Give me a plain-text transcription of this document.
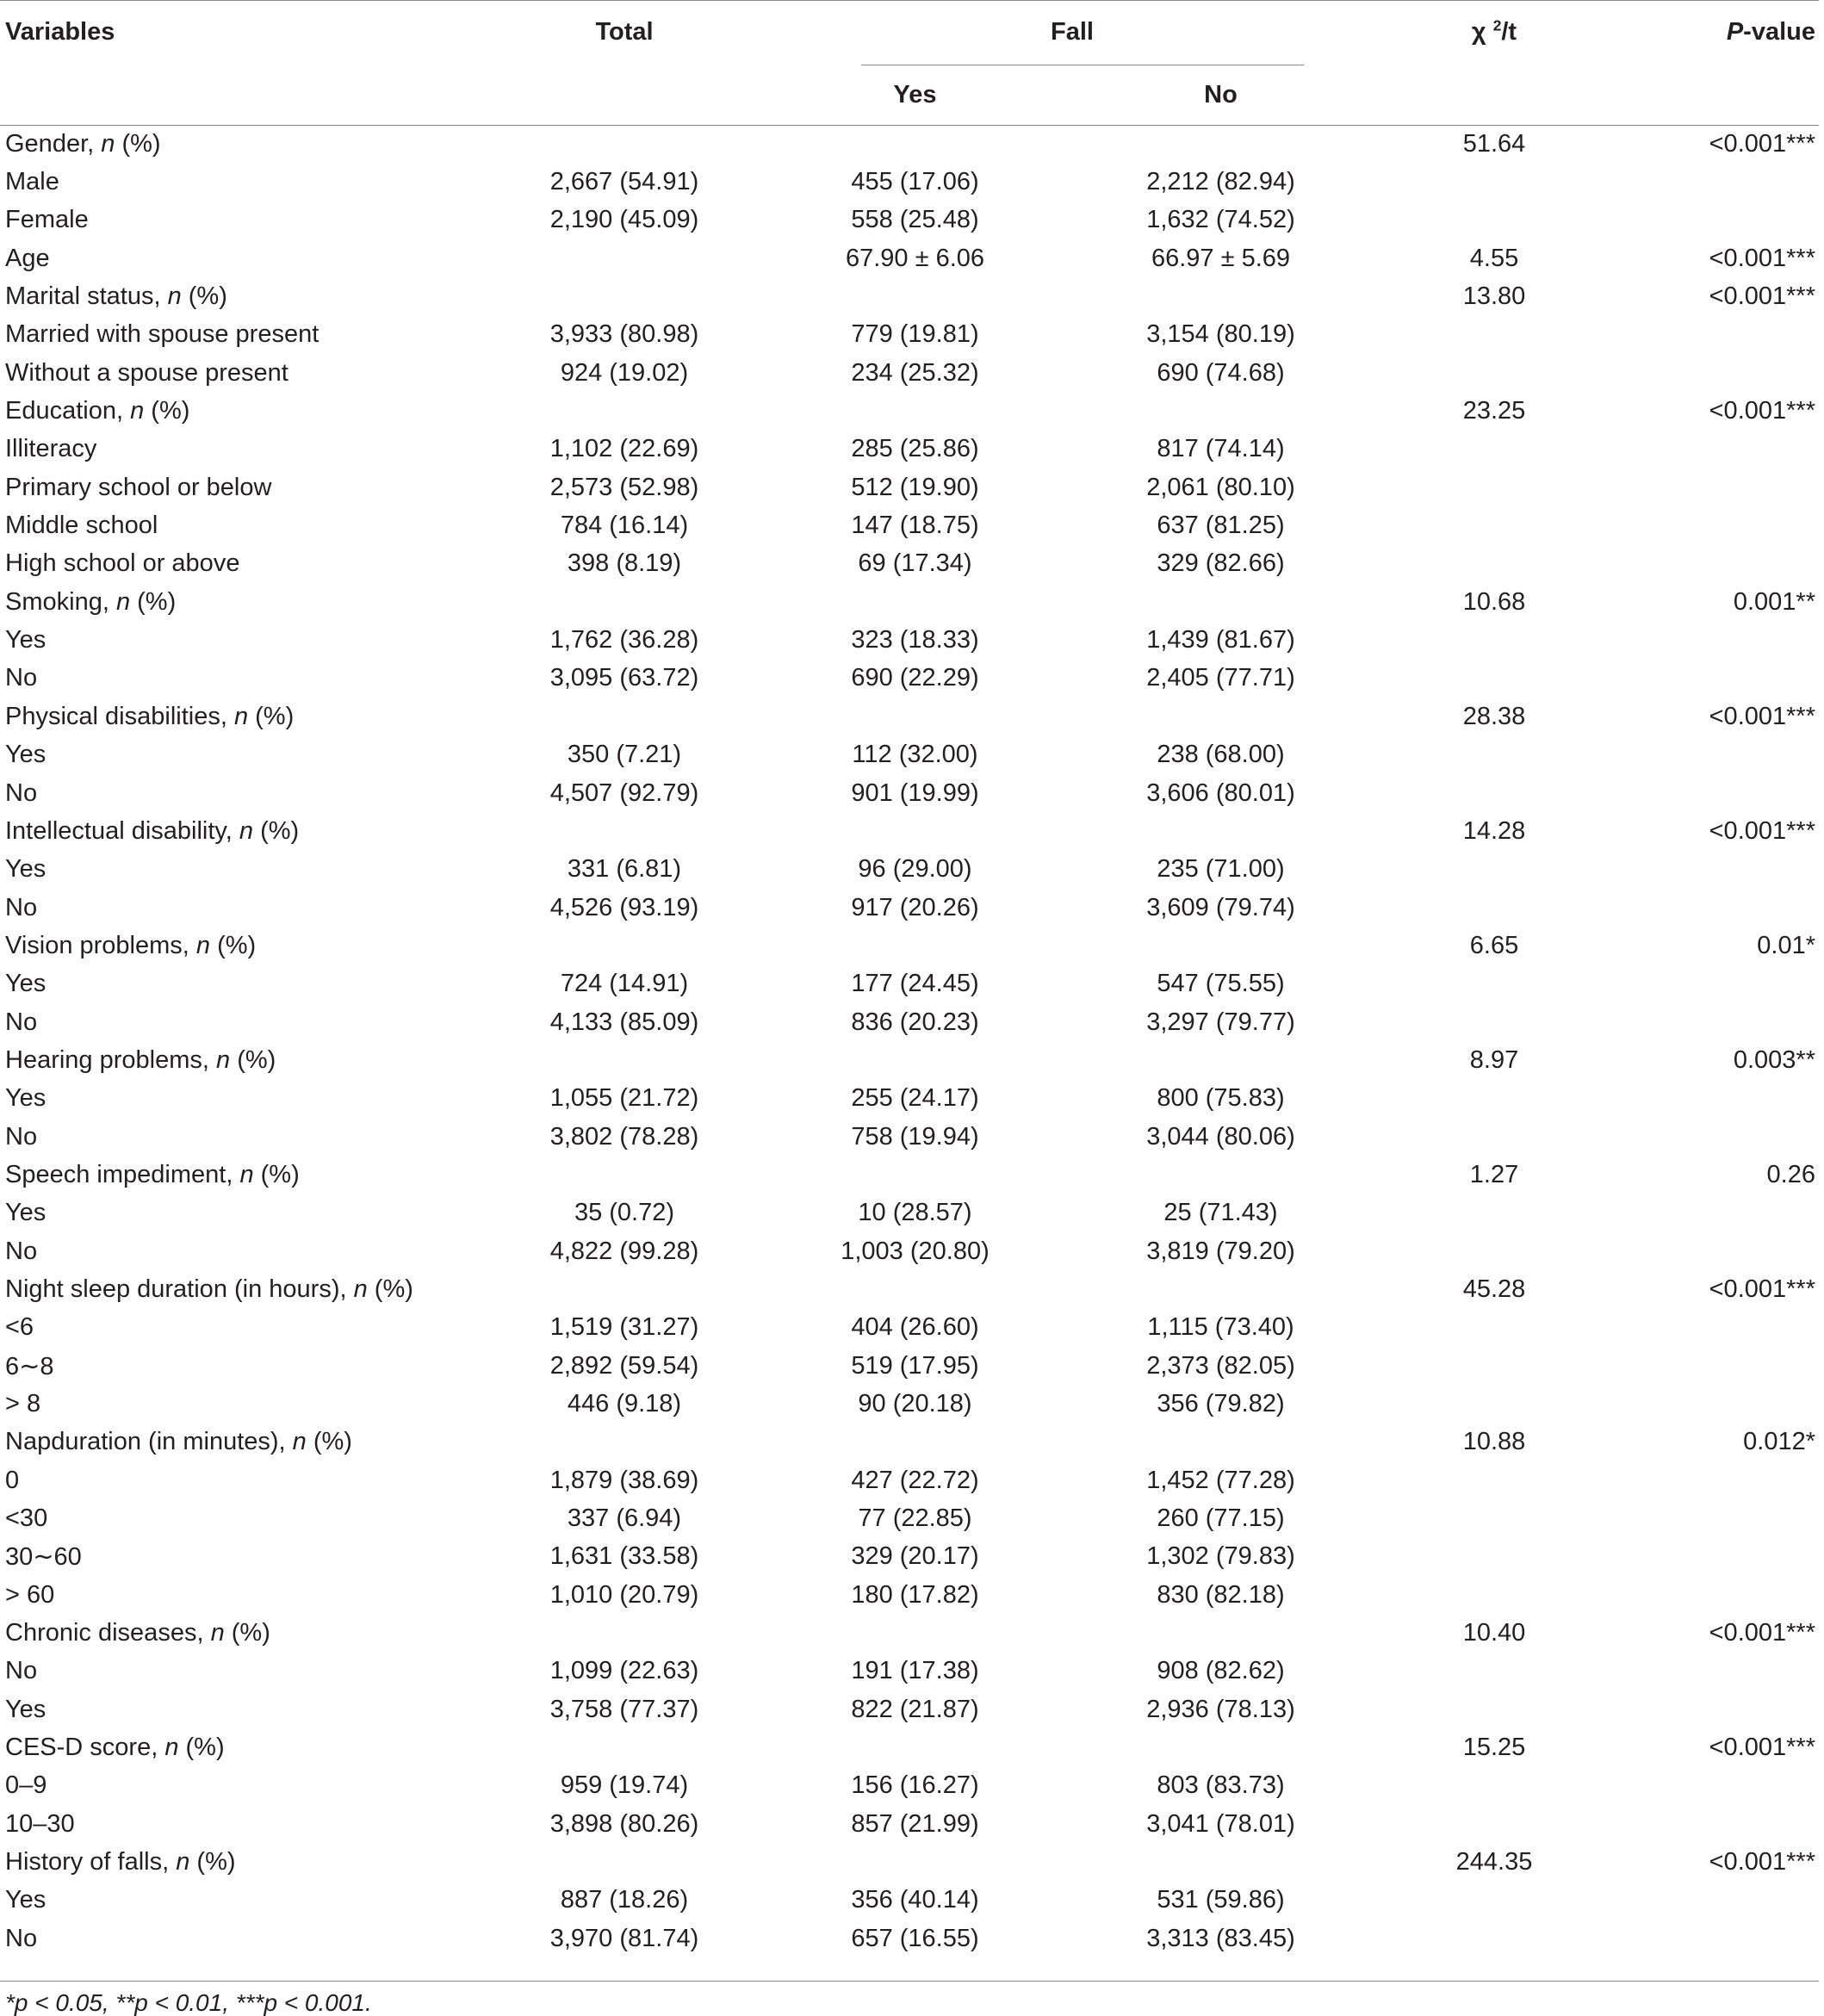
Variables	Total	Fall		χ $^2$/t	P-value
		Yes	No		
Gender, n (%)				51.64	<0.001***
Male	2,667 (54.91)	455 (17.06)	2,212 (82.94)		
Female	2,190 (45.09)	558 (25.48)	1,632 (74.52)		
Age		67.90 ± 6.06	66.97 ± 5.69	4.55	<0.001***
Marital status, n (%)				13.80	<0.001***
Married with spouse present	3,933 (80.98)	779 (19.81)	3,154 (80.19)		
Without a spouse present	924 (19.02)	234 (25.32)	690 (74.68)		
Education, n (%)				23.25	<0.001***
Illiteracy	1,102 (22.69)	285 (25.86)	817 (74.14)		
Primary school or below	2,573 (52.98)	512 (19.90)	2,061 (80.10)		
Middle school	784 (16.14)	147 (18.75)	637 (81.25)		
High school or above	398 (8.19)	69 (17.34)	329 (82.66)		
Smoking, n (%)				10.68	0.001**
Yes	1,762 (36.28)	323 (18.33)	1,439 (81.67)		
No	3,095 (63.72)	690 (22.29)	2,405 (77.71)		
Physical disabilities, n (%)				28.38	<0.001***
Yes	350 (7.21)	112 (32.00)	238 (68.00)		
No	4,507 (92.79)	901 (19.99)	3,606 (80.01)		
Intellectual disability, n (%)				14.28	<0.001***
Yes	331 (6.81)	96 (29.00)	235 (71.00)		
No	4,526 (93.19)	917 (20.26)	3,609 (79.74)		
Vision problems, n (%)				6.65	0.01*
Yes	724 (14.91)	177 (24.45)	547 (75.55)		
No	4,133 (85.09)	836 (20.23)	3,297 (79.77)		
Hearing problems, n (%)				8.97	0.003**
Yes	1,055 (21.72)	255 (24.17)	800 (75.83)		
No	3,802 (78.28)	758 (19.94)	3,044 (80.06)		
Speech impediment, n (%)				1.27	0.26
Yes	35 (0.72)	10 (28.57)	25 (71.43)		
No	4,822 (99.28)	1,003 (20.80)	3,819 (79.20)		
Night sleep duration (in hours), n (%)				45.28	<0.001***
<6	1,519 (31.27)	404 (26.60)	1,115 (73.40)		
6∼8	2,892 (59.54)	519 (17.95)	2,373 (82.05)		
> 8	446 (9.18)	90 (20.18)	356 (79.82)		
Napduration (in minutes), n (%)				10.88	0.012*
0	1,879 (38.69)	427 (22.72)	1,452 (77.28)		
<30	337 (6.94)	77 (22.85)	260 (77.15)		
30∼60	1,631 (33.58)	329 (20.17)	1,302 (79.83)		
> 60	1,010 (20.79)	180 (17.82)	830 (82.18)		
Chronic diseases, n (%)				10.40	<0.001***
No	1,099 (22.63)	191 (17.38)	908 (82.62)		
Yes	3,758 (77.37)	822 (21.87)	2,936 (78.13)		
CES-D score, n (%)				15.25	<0.001***
0–9	959 (19.74)	156 (16.27)	803 (83.73)		
10–30	3,898 (80.26)	857 (21.99)	3,041 (78.01)		
History of falls, n (%)				244.35	<0.001***
Yes	887 (18.26)	356 (40.14)	531 (59.86)		
No	3,970 (81.74)	657 (16.55)	3,313 (83.45)		
*p < 0.05, **p < 0.01, ***p < 0.001.
